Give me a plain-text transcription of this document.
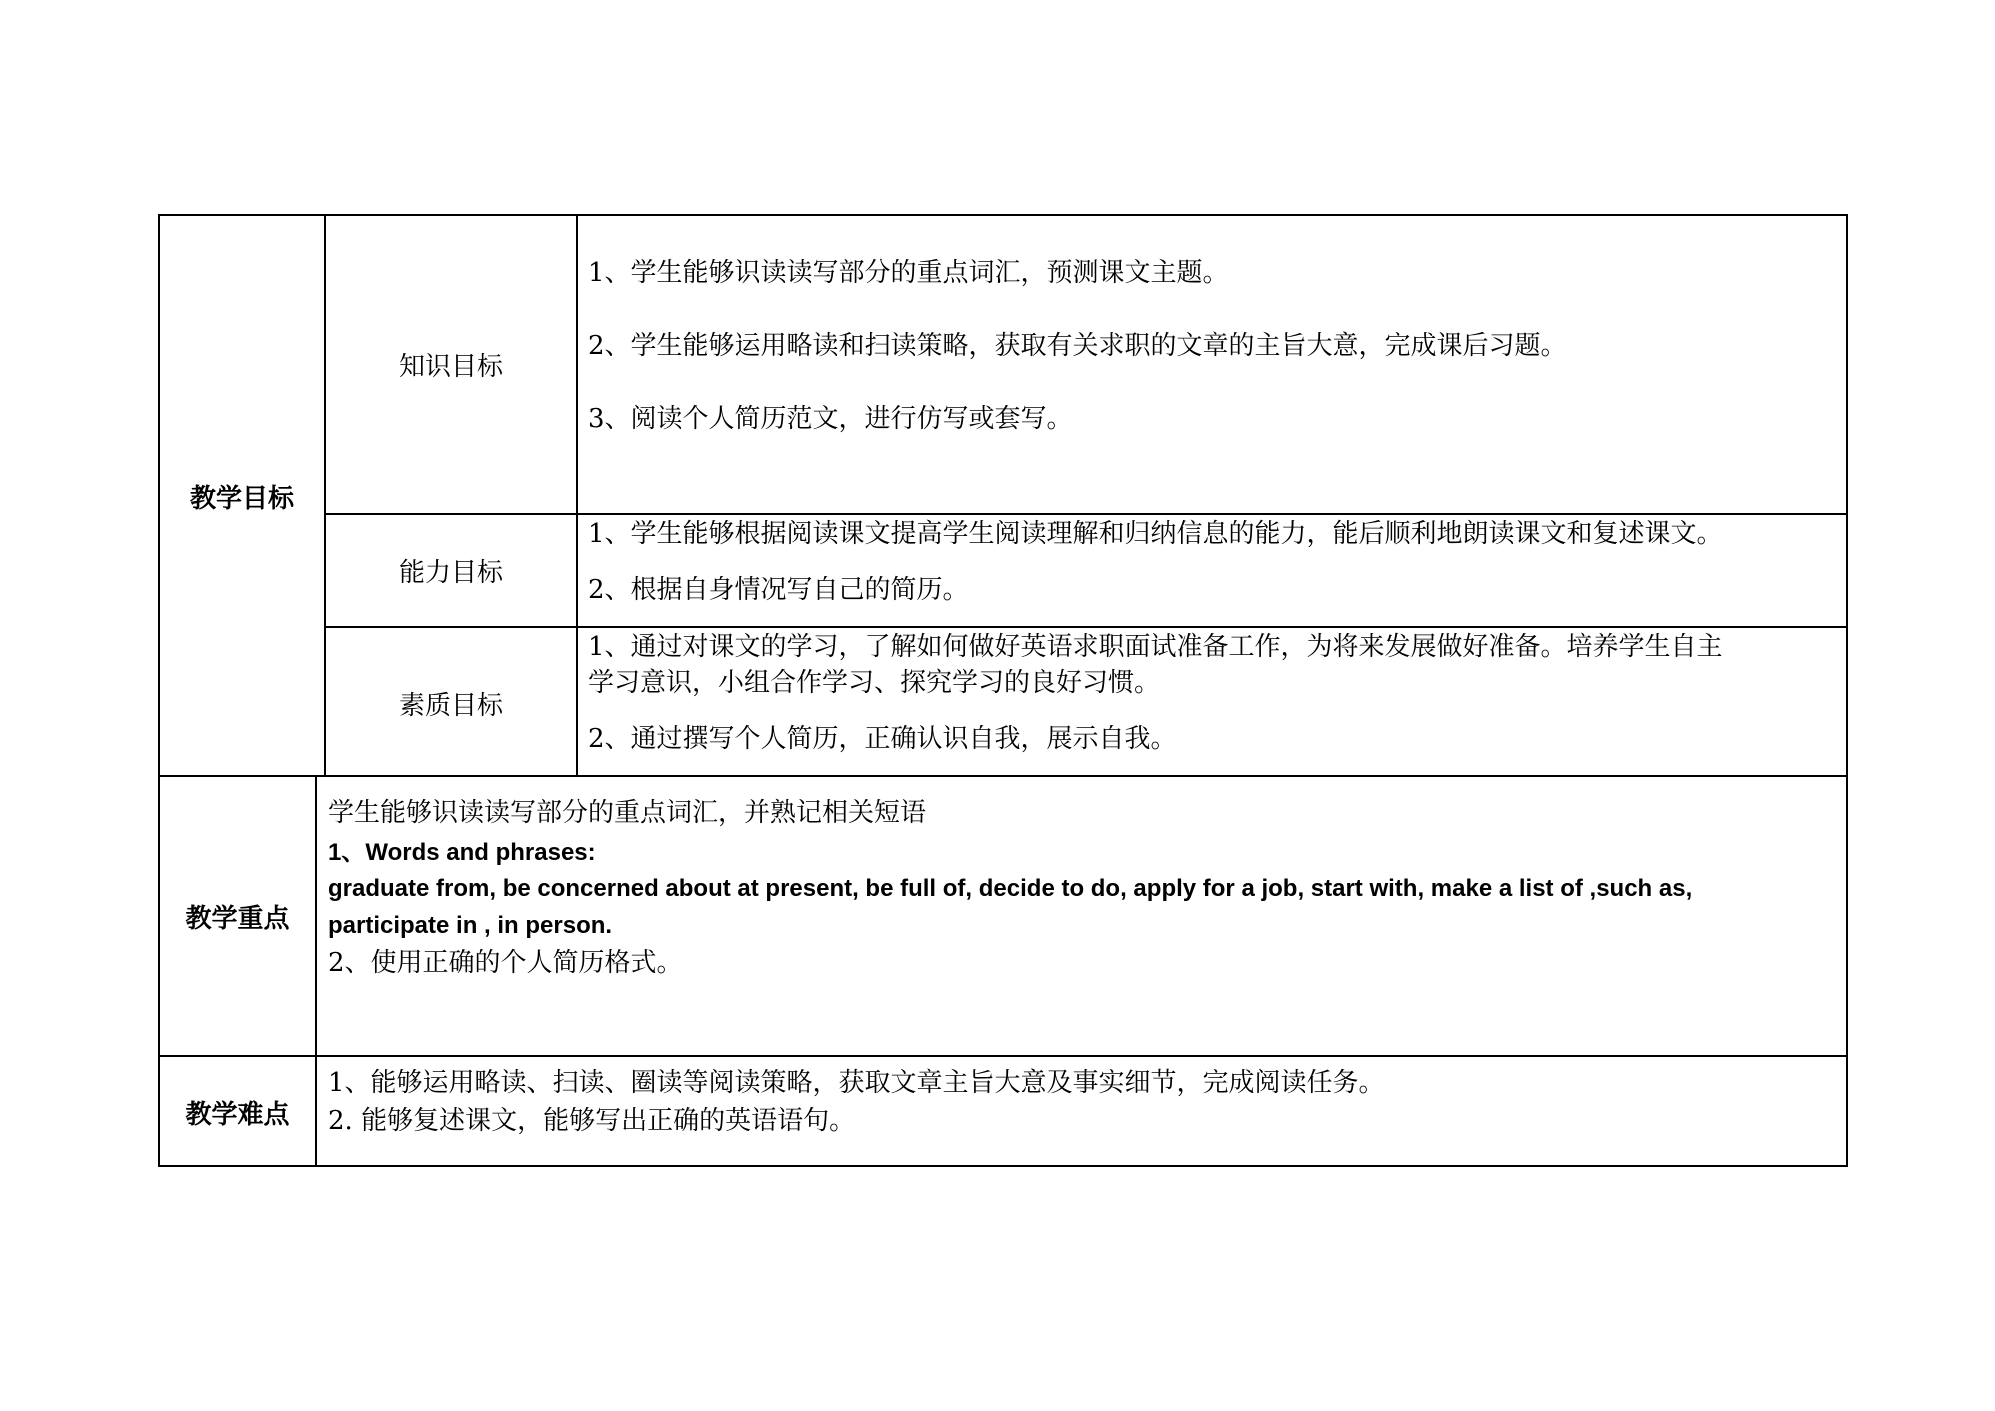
教学目标
知识目标
1、学生能够识读读写部分的重点词汇，预测课文主题。
2、学生能够运用略读和扫读策略，获取有关求职的文章的主旨大意，完成课后习题。
3、阅读个人简历范文，进行仿写或套写。
能力目标
1、学生能够根据阅读课文提高学生阅读理解和归纳信息的能力，能后顺利地朗读课文和复述课文。
2、根据自身情况写自己的简历。
素质目标
1、通过对课文的学习，了解如何做好英语求职面试准备工作，为将来发展做好准备。培养学生自主
学习意识，小组合作学习、探究学习的良好习惯。
2、通过撰写个人简历，正确认识自我，展示自我。
教学重点
学生能够识读读写部分的重点词汇，并熟记相关短语
1、Words and phrases:
graduate from, be concerned about at present, be full of, decide to do, apply for a job, start with, make a list of ,such as,
participate in , in person.
2、使用正确的个人简历格式。
教学难点
1、能够运用略读、扫读、圈读等阅读策略，获取文章主旨大意及事实细节，完成阅读任务。
2. 能够复述课文，能够写出正确的英语语句。
